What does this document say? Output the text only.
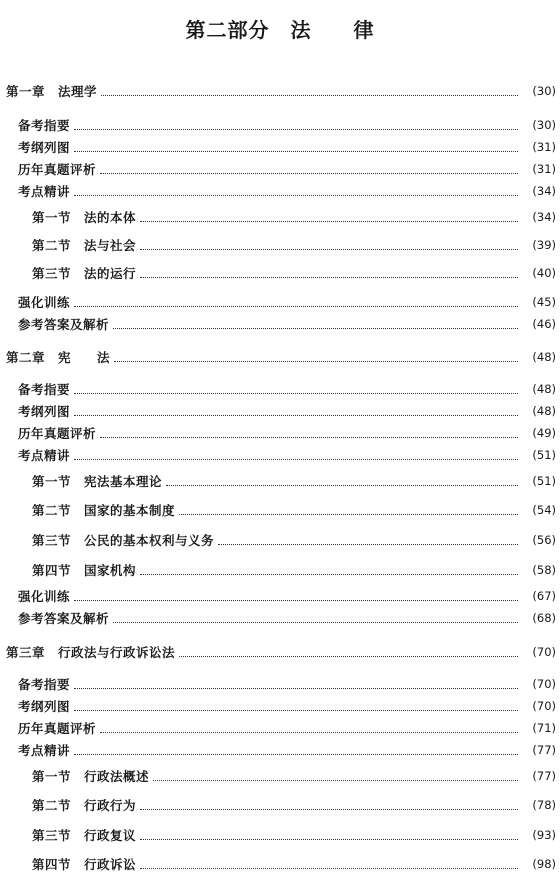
第二部分　法　　律
第一章　法理学	(30)
备考指要	(30)
考纲列图	(31)
历年真题评析	(31)
考点精讲	(34)
第一节　法的本体	(34)
第二节　法与社会	(39)
第三节　法的运行	(40)
强化训练	(45)
参考答案及解析	(46)
第二章　宪　　法	(48)
备考指要	(48)
考纲列图	(48)
历年真题评析	(49)
考点精讲	(51)
第一节　宪法基本理论	(51)
第二节　国家的基本制度	(54)
第三节　公民的基本权利与义务	(56)
第四节　国家机构	(58)
强化训练	(67)
参考答案及解析	(68)
第三章　行政法与行政诉讼法	(70)
备考指要	(70)
考纲列图	(70)
历年真题评析	(71)
考点精讲	(77)
第一节　行政法概述	(77)
第二节　行政行为	(78)
第三节　行政复议	(93)
第四节　行政诉讼	(98)
